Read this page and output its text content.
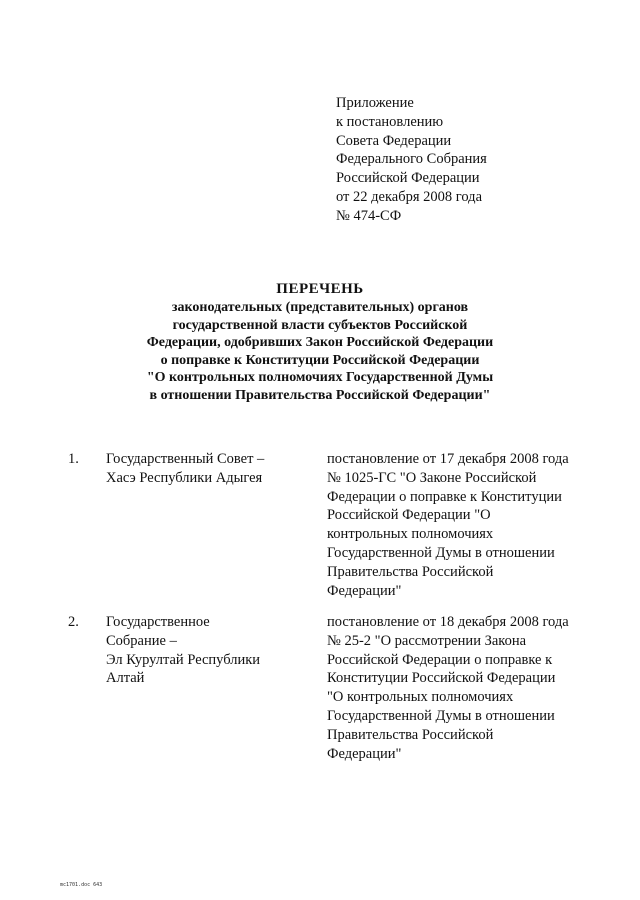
Приложение
к постановлению
Совета Федерации
Федерального Собрания
Российской Федерации
от 22 декабря 2008 года
№ 474-СФ
ПЕРЕЧЕНЬ
законодательных (представительных) органов
государственной власти субъектов Российской
Федерации, одобривших Закон Российской Федерации
о поправке к Конституции Российской Федерации
"О контрольных полномочиях Государственной Думы
в отношении Правительства Российской Федерации"
1. Государственный Совет –
Хасэ Республики Адыгея
постановление от 17 декабря 2008 года
№ 1025-ГС "О Законе Российской
Федерации о поправке к Конституции
Российской Федерации "О
контрольных полномочиях
Государственной Думы в отношении
Правительства Российской
Федерации"
2. Государственное
Собрание –
Эл Курултай Республики
Алтай
постановление от 18 декабря 2008 года
№ 25-2 "О рассмотрении Закона
Российской Федерации о поправке к
Конституции Российской Федерации
"О контрольных полномочиях
Государственной Думы в отношении
Правительства Российской
Федерации"
mc1701.doc 643
